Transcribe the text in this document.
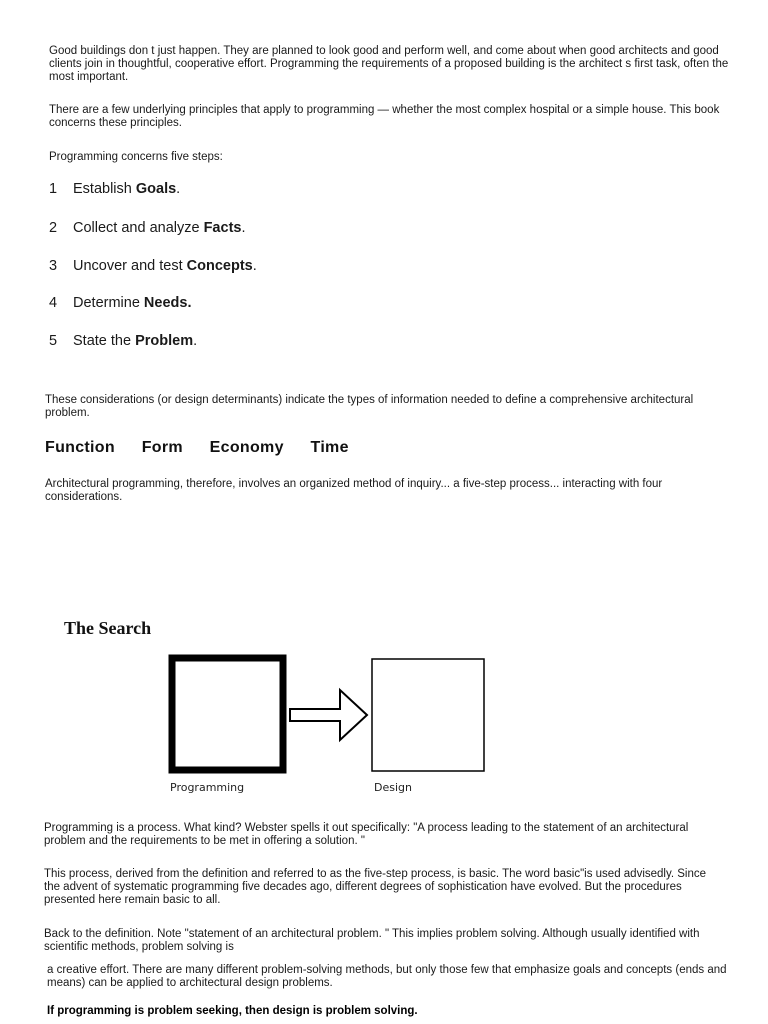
Good buildings don t just happen. They are planned to look good and perform well, and come about when good architects and good clients join in thoughtful, cooperative effort. Programming the requirements of a proposed building is the architect s first task, often the most important.
There are a few underlying principles that apply to programming — whether the most complex hospital or a simple house. This book concerns these principles.
Programming concerns five steps:
1 Establish Goals.
2 Collect and analyze Facts.
3 Uncover and test Concepts.
4 Determine Needs.
5 State the Problem.
These considerations (or design determinants) indicate the types of information needed to define a comprehensive architectural problem.
Function Form Economy Time
Architectural programming, therefore, involves an organized method of inquiry... a five-step process... interacting with four considerations.
The Search
Programming	Design
Programming is a process. What kind? Webster spells it out specifically: "A process leading to the statement of an architectural problem and the requirements to be met in offering a solution. "
This process, derived from the definition and referred to as the five-step process, is basic. The word basic"is used advisedly. Since the advent of systematic programming five decades ago, different degrees of sophistication have evolved. But the procedures presented here remain basic to all.
Back to the definition. Note "statement of an architectural problem. " This implies problem solving. Although usually identified with scientific methods, problem solving is
a creative effort. There are many different problem-solving methods, but only those few that emphasize goals and concepts (ends and means) can be applied to architectural design problems.
If programming is problem seeking, then design is problem solving.
